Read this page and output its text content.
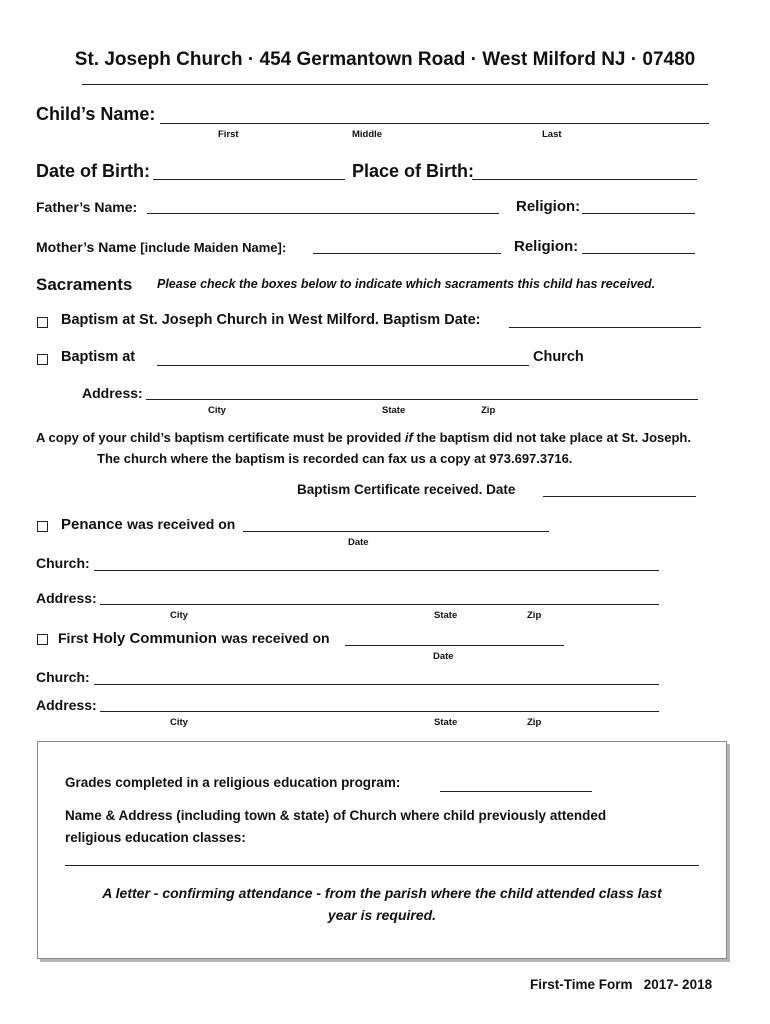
St. Joseph Church · 454 Germantown Road · West Milford NJ · 07480
Child’s Name:
First	Middle	Last
Date of Birth:	Place of Birth:
Father’s Name:	Religion:
Mother’s Name [include Maiden Name]:	Religion:
Sacraments Please check the boxes below to indicate which sacraments this child has received.
Baptism at St. Joseph Church in West Milford. Baptism Date:
Baptism at	Church
Address:
City	State	Zip
A copy of your child’s baptism certificate must be provided if the baptism did not take place at St. Joseph.
The church where the baptism is recorded can fax us a copy at 973.697.3716.
Baptism Certificate received. Date
Penance was received on
Date
Church:
Address:
City	State	Zip
First Holy Communion was received on
Date
Church:
Address:
City	State	Zip
Grades completed in a religious education program:
Name & Address (including town & state) of Church where child previously attended
religious education classes:
A letter - confirming attendance - from the parish where the child attended class last
year is required.
First-Time Form 2017- 2018
